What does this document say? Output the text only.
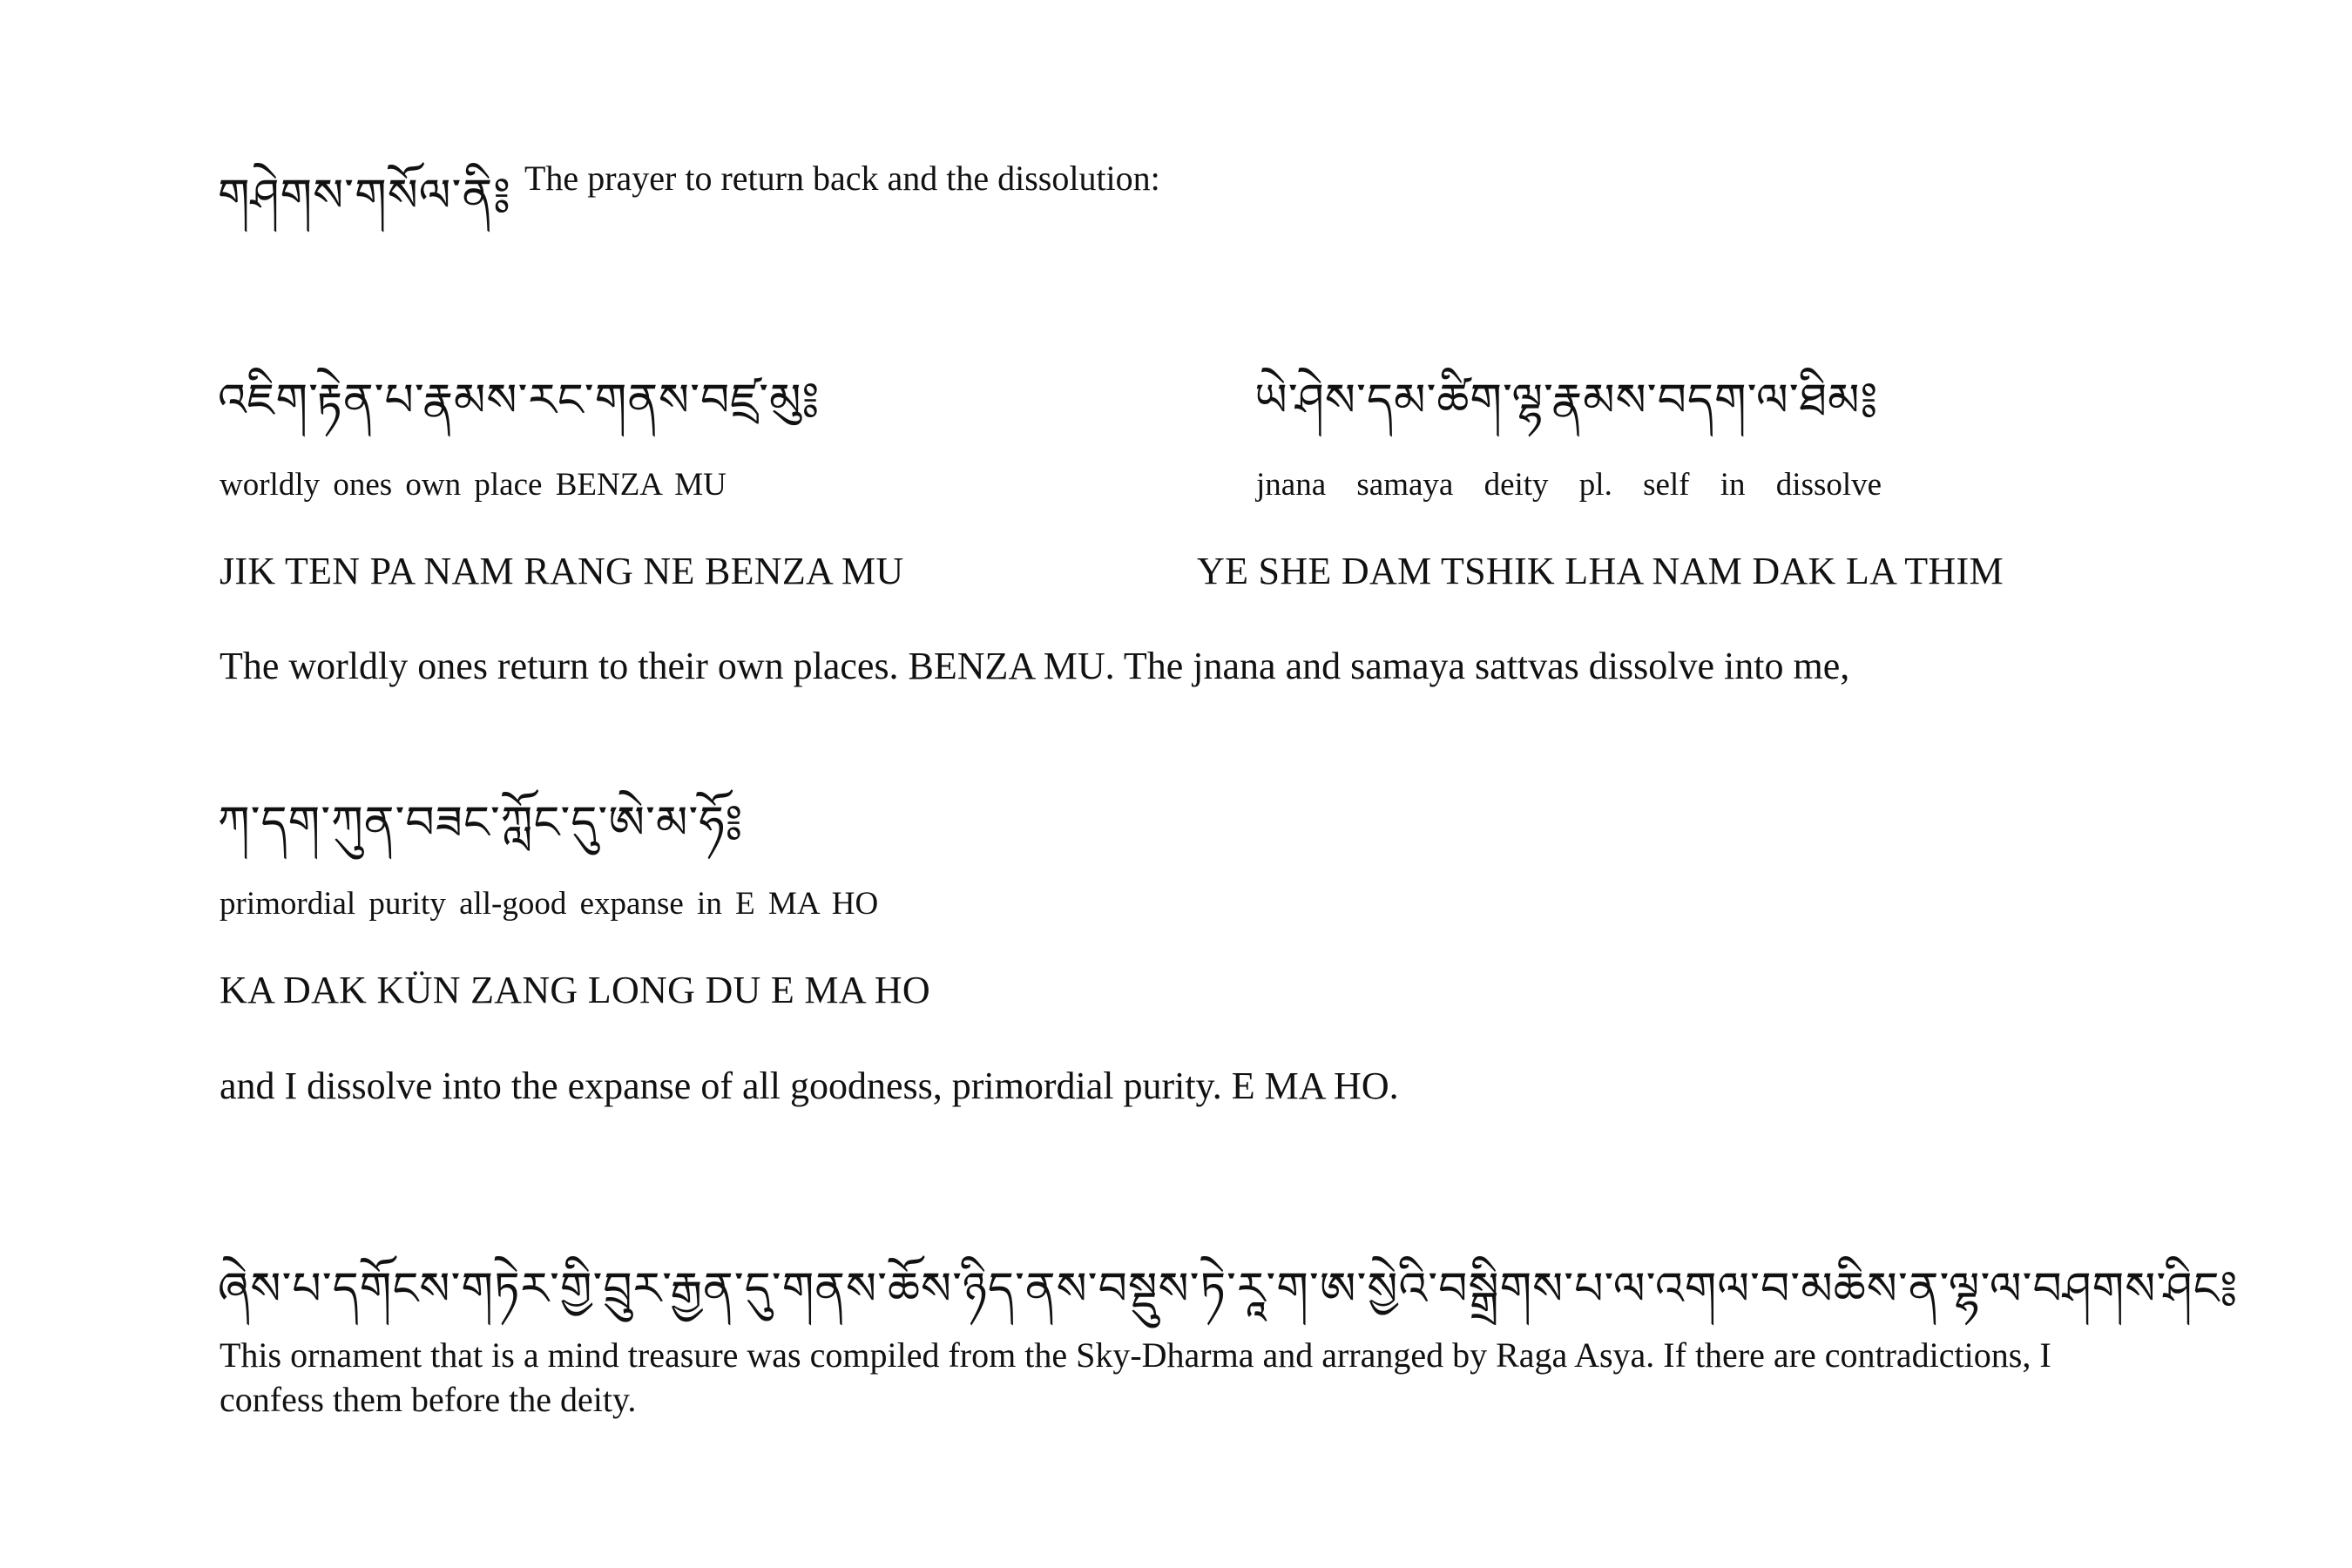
གཤེགས་གསོལ་ནི༔ The prayer to return back and the dissolution:
འཇིག་རྟེན་པ་རྣམས་རང་གནས་བཛྲ་མུ༔
worldly ones own place BENZA MU
JIK TEN PA NAM RANG NE BENZA MU
ཡེ་ཤེས་དམ་ཚིག་ལྷ་རྣམས་བདག་ལ་ཐིམ༔
jnana samaya deity pl. self in dissolve
YE SHE DAM TSHIK LHA NAM DAK LA THIM
The worldly ones return to their own places. BENZA MU. The jnana and samaya sattvas dissolve into me,
ཀ་དག་ཀུན་བཟང་ཀློང་དུ་ཨེ་མ་ཧོ༔
primordial purity all-good expanse in E MA HO
KA DAK KÜN ZANG LONG DU E MA HO
and I dissolve into the expanse of all goodness, primordial purity. E MA HO.
ཞེས་པ་དགོངས་གཏེར་གྱི་བྲུར་རྒྱན་དུ་གནས་ཆོས་ཉིད་ནས་བསྡུས་ཏེ་རཱ་ག་ཨ་སྱེའི་བསྒྲིགས་པ་ལ་འགལ་བ་མཆིས་ན་ལྷ་ལ་བཤགས་ཤིང༔
This ornament that is a mind treasure was compiled from the Sky-Dharma and arranged by Raga Asya. If there are contradictions, I confess them before the deity.
